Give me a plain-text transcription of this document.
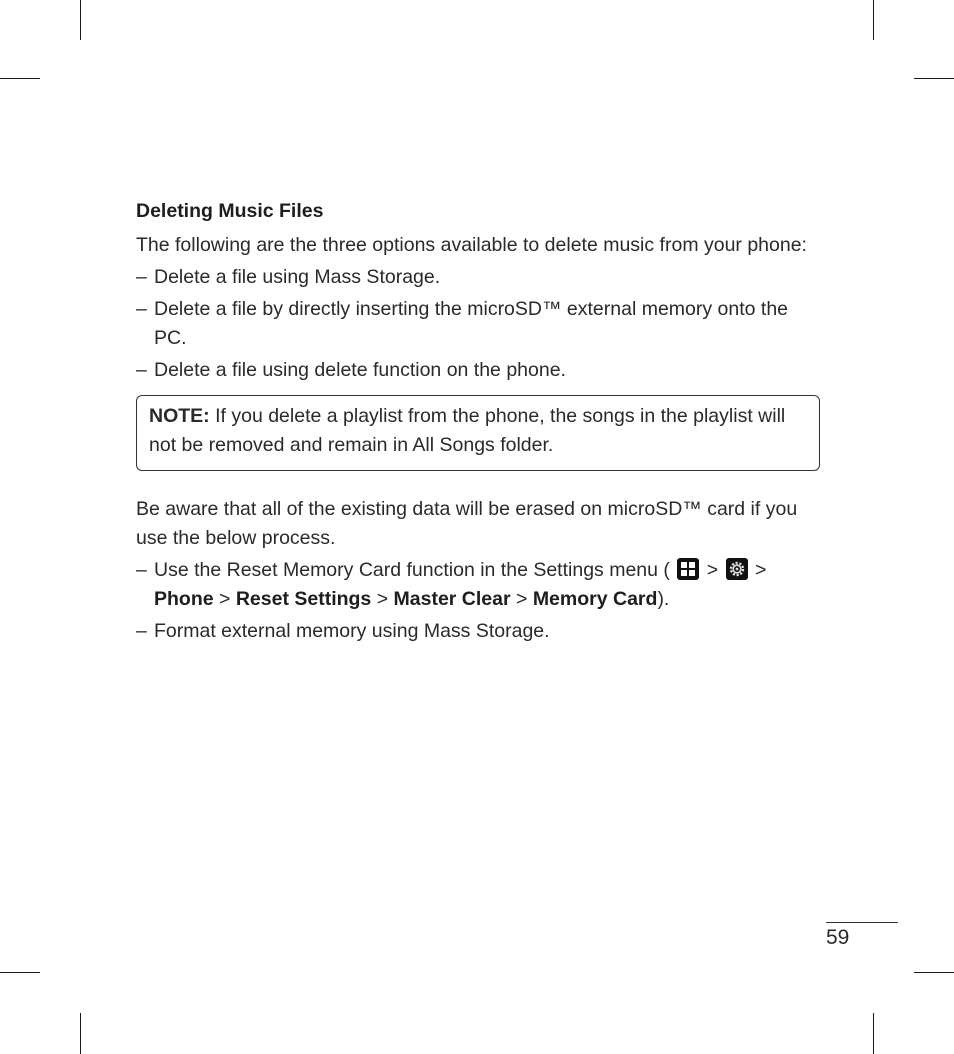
Deleting Music Files

The following are the three options available to delete music from your phone:

– Delete a file using Mass Storage.
– Delete a file by directly inserting the microSD™ external memory onto the PC.
– Delete a file using delete function on the phone.
NOTE: If you delete a playlist from the phone, the songs in the playlist will not be removed and remain in All Songs folder.

Be aware that all of the existing data will be erased on microSD™ card if you use the below process.

– Use the Reset Memory Card function in the Settings menu (
>
> Phone > Reset Settings > Master Clear > Memory Card).
– Format external memory using Mass Storage.
59
